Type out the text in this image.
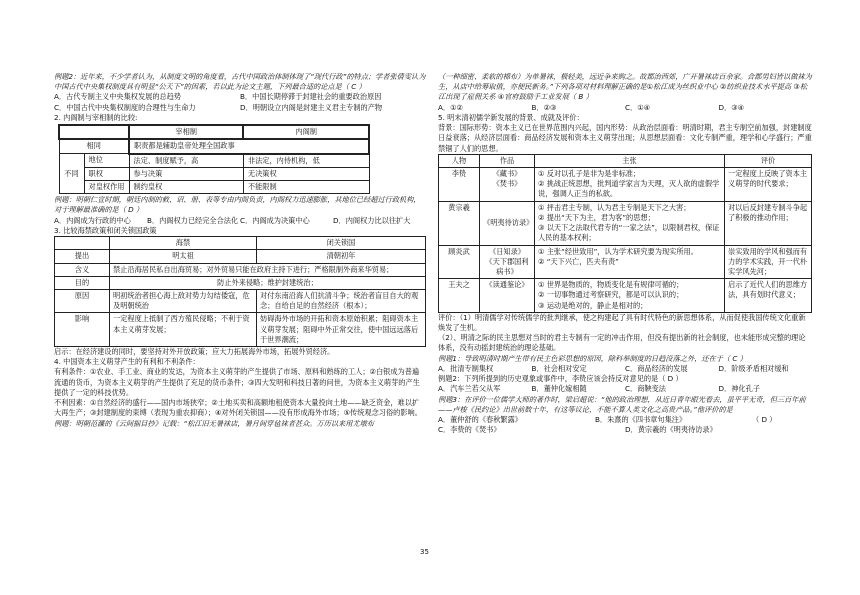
例题2：近年来，不少学者认为，从制度文明的角度看，古代中国政治体制体现了“现代行政”的特点；学者张倩雯认为中国古代中央集权制度具有明显“公天下”的因素，若以此为论文主题，下列最合适的论点是（ C ）

A．古代专制主义中央集权发展的总趋势	B．中国长期停滞于封建社会的重要政治原因
C．中国古代中央集权制度的合理性与生命力	D．明朝设立内阁是封建主义君主专制的产物

2. 内阁制与宰相制的比较:

		宰相制	内阁制
相同		职责都是辅助皇帝处理全国政事	
不同	地位	法定、制度赋予，高	非法定，内侍机构，低
	职权	参与决策	无决策权
	对皇权作用	制约皇权	不能限制

例题：明朝仁宣时期，朝廷内制的敕、诏、册、表等专由内阁负责，内阁权力迅速膨胀，其地位已经超过行政机构，对于理解最准确的是（ D ）

A．内阁成为行政的中心	B．内阁权力已经完全合法化 C．内阁成为决策中心	D．内阁权力比以往扩大

3. 比较海禁政策和闭关锁国政策

	海禁	闭关锁国
提出	明太祖	清朝初年
含义	禁止沿海居民私自出海贸易；对外贸易只能在政府主持下进行；严格限制外商来华贸易；	
目的	防止外来侵略；维护封建统治；	
原因	明初统治者担心海上敌对势力勾结倭寇，危及明朝统治	对付东南沿海人们抗清斗争；统治者盲目自大的观念；自给自足的自然经济（根本）；
影响	一定程度上抵制了西方殖民侵略；不利于资本主义萌芽发展；	妨碍海外市场的开拓和资本原始积累；阻碍资本主义萌芽发展；阻碍中外正常交往，使中国远远落后于世界潮流；

启示：在经济建设的同时，要坚持对外开放政策；应大力拓展海外市场，拓展外贸经济。

4. 中国资本主义萌芽产生的有利和不利条件：

有利条件：①农业、手工业、商业的发达，为资本主义萌芽的产生提供了市场、原料和熟练的工人；②白银成为普遍流通的货币，为资本主义萌芽的产生提供了充足的货币条件；③四大发明和科技日著的问世，为资本主义萌芽的产生提供了一定的科技优势。

不利因素：①自然经济的盛行——国内市场狭窄；②土地买卖和高额地租使资本大量投向土地——缺乏资金，难以扩大再生产；③封建制度的束缚（表现为重农抑商）；④对外闭关锁国——没有形成海外市场；⑤传统观念习俗的影响。

例题：明朝范濂的《云间据目抄》记载：“松江旧无暑袜店，暑月间穿毡袜者甚众。万历以来用尤墩布

（一种细密、柔软的棉布）为单暑袜，极轻美，远近争来购之。故郡治西郊，广开暑袜店百余家。合郡男妇皆以做袜为生，从店中给筹取值，亦便民新务。”下列各项对材料理解正确的是①松江成为丝织业中心 ②纺织业技术水平提高 ③松江出现了雇佣关系 ④官府鼓励手工业发展（ B ）

A．①②	B．②③	C．①④	D．③④

5. 明末清初儒学新发展的背景、成就及评价：

背景：国际形势：资本主义已在世界范围内兴起，国内形势：从政治层面看：明清时期，君主专制空前加强，封建制度日益衰落；从经济层面看：商品经济发展和资本主义萌芽出现；从思想层面看：文化专制严重，理学和心学盛行；严重禁锢了人们的思想。

人物	作品	主张	评价
李贽	《藏书》
《焚书》	① 反对以孔子是非为是非标准；
② 挑战正统思想，批判道学家言为天理，灭人欲的虚假学说，强调人正当的私欲。	一定程度上反映了资本主义萌芽的时代要求；
黄宗羲	《明夷待访录》	① 抨击君主专制，认为君主专制是天下之大害；
② 提出“天下为主，君为客”的思想；
③ 以天下之法取代君专的“一家之法”，以限制君权，保证人民的基本权利；	对以后反封建专制斗争起了积极的推动作用；
顾炎武	《日知录》
《天下郡国利病书》	① 主张“经世致用”，认为学术研究要为现实所用。
② “天下兴亡，匹夫有责”	崇实致用的学风和强而有力的学术实践，开一代朴实学风先河；
王夫之	《读通鉴论》	① 世界是物质的，物质变化是有规律可循的；
② 一切事物通过考察研究，都是可以认识的；
③ 运动是绝对的，静止是相对的；	启示了近代人们的思维方法，具有划时代意义；

评价：（1）明清儒学对传统儒学的批判继承，使之构建起了具有时代特色的新思想体系，从而促使我国传统文化重新焕发了生机。

（2）、明清之际的民主思想对当时的君主专制有一定的冲击作用，但没有提出新的社会制度，也未能形成完整的理论体系，没有动摇封建统治的理论基础。

例题1：导致明清时期产生带有民主色彩思想的原因，除科举制度的日趋没落之外，还在于（ C ）

A．批清专制集权	B．社会相对安定	C．商品经济的发展	D．阶级矛盾相对缓和

例题2：下列所提到的历史观象或事件中，李贽应该会持反对意见的是（ D ）

A．汽车兰若父从军	B．董仲化嫁相随	C．商鞅变法	D．神化孔子

例题3：在评价一位儒学大师的著作时，梁启超说：“他的政治理想，从近日青年眼光看去，虽平平无奇，但三百年前——卢梭《民约论》出世前数十年，有这等议论，不能不算人类文化之高贵产品。”他评价的是

A．董仲舒的《春秋繁露》	B．朱熹的《四书章句集注》	（ D ）
C．李贽的《焚书》	D．黄宗羲的《明夷待访录》
35
